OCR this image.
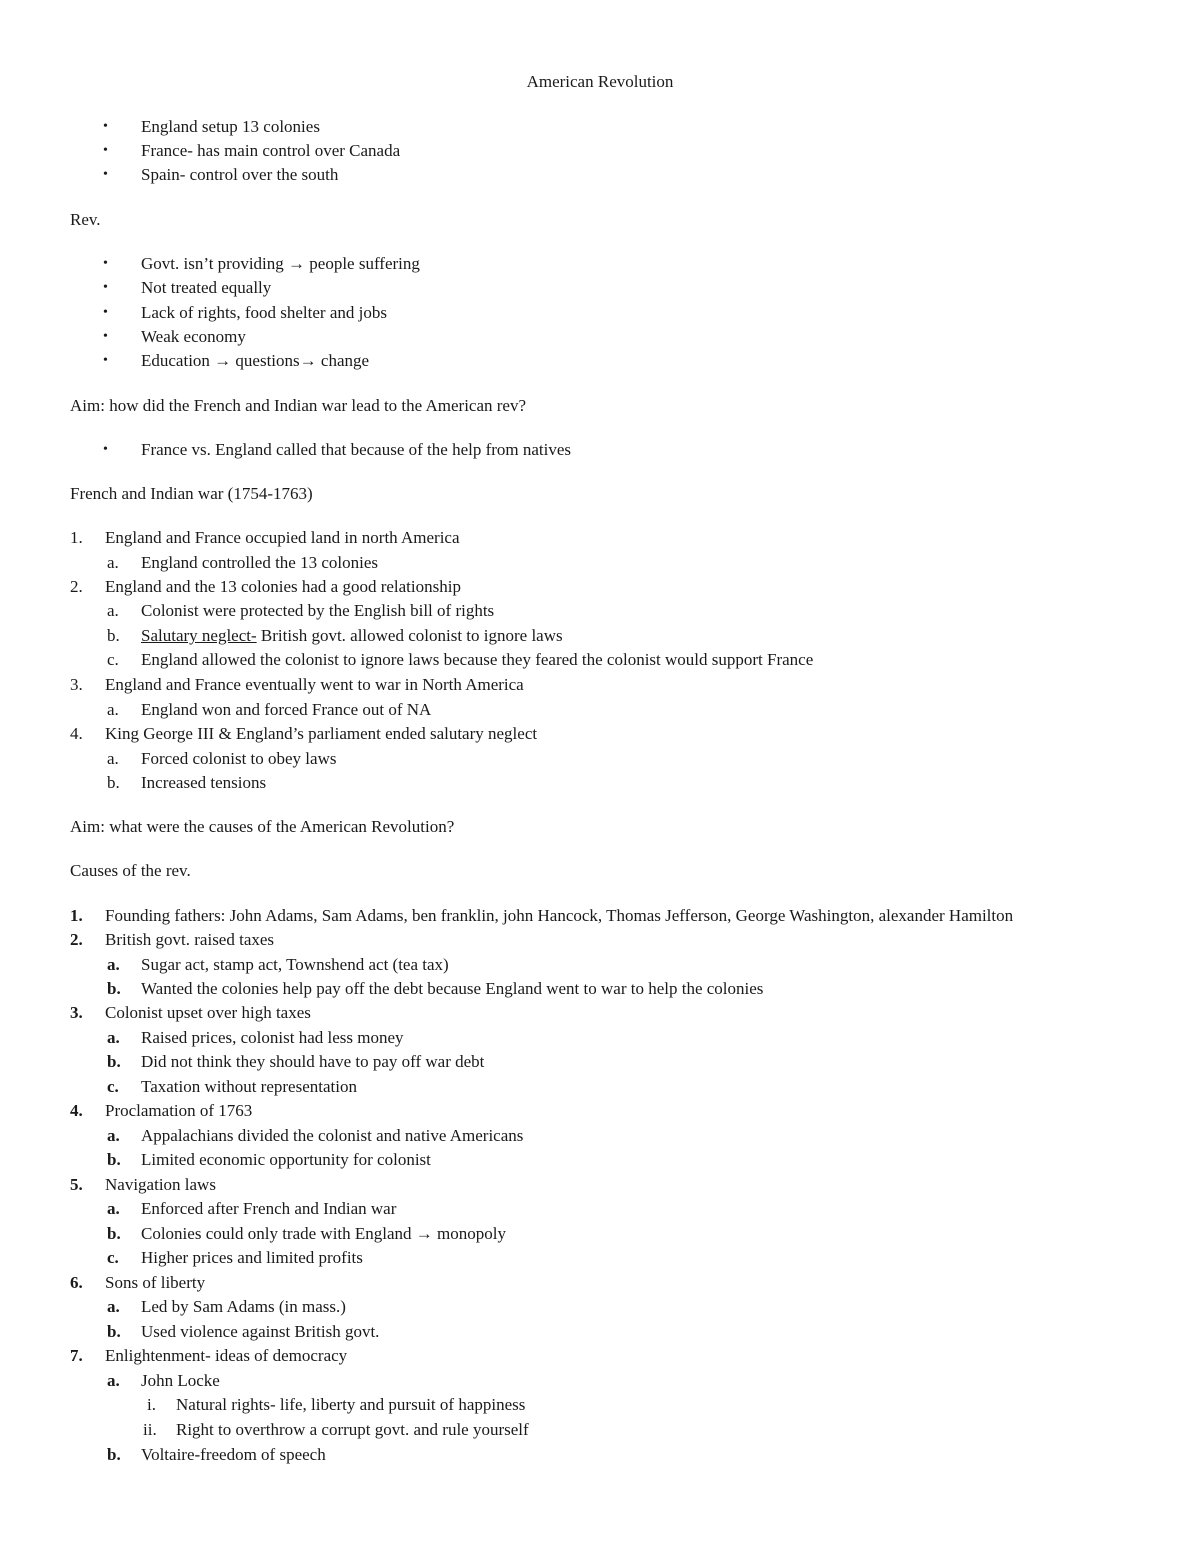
American Revolution
• England setup 13 colonies
• France- has main control over Canada
• Spain- control over the south
Rev.
• Govt. isn’t providing → people suffering
• Not treated equally
• Lack of rights, food shelter and jobs
• Weak economy
• Education → questions→ change
Aim: how did the French and Indian war lead to the American rev?
• France vs. England called that because of the help from natives
French and Indian war (1754-1763)
1. England and France occupied land in north America
a. England controlled the 13 colonies
2. England and the 13 colonies had a good relationship
a. Colonist were protected by the English bill of rights
b. Salutary neglect- British govt. allowed colonist to ignore laws
c. England allowed the colonist to ignore laws because they feared the colonist would support France
3. England and France eventually went to war in North America
a. England won and forced France out of NA
4. King George III & England’s parliament ended salutary neglect
a. Forced colonist to obey laws
b. Increased tensions
Aim: what were the causes of the American Revolution?
Causes of the rev.
1. Founding fathers: John Adams, Sam Adams, ben franklin, john Hancock, Thomas Jefferson, George Washington, alexander Hamilton
2. British govt. raised taxes
a. Sugar act, stamp act, Townshend act (tea tax)
b. Wanted the colonies help pay off the debt because England went to war to help the colonies
3. Colonist upset over high taxes
a. Raised prices, colonist had less money
b. Did not think they should have to pay off war debt
c. Taxation without representation
4. Proclamation of 1763
a. Appalachians divided the colonist and native Americans
b. Limited economic opportunity for colonist
5. Navigation laws
a. Enforced after French and Indian war
b. Colonies could only trade with England → monopoly
c. Higher prices and limited profits
6. Sons of liberty
a. Led by Sam Adams (in mass.)
b. Used violence against British govt.
7. Enlightenment- ideas of democracy
a. John Locke
i. Natural rights- life, liberty and pursuit of happiness
ii. Right to overthrow a corrupt govt. and rule yourself
b. Voltaire-freedom of speech
